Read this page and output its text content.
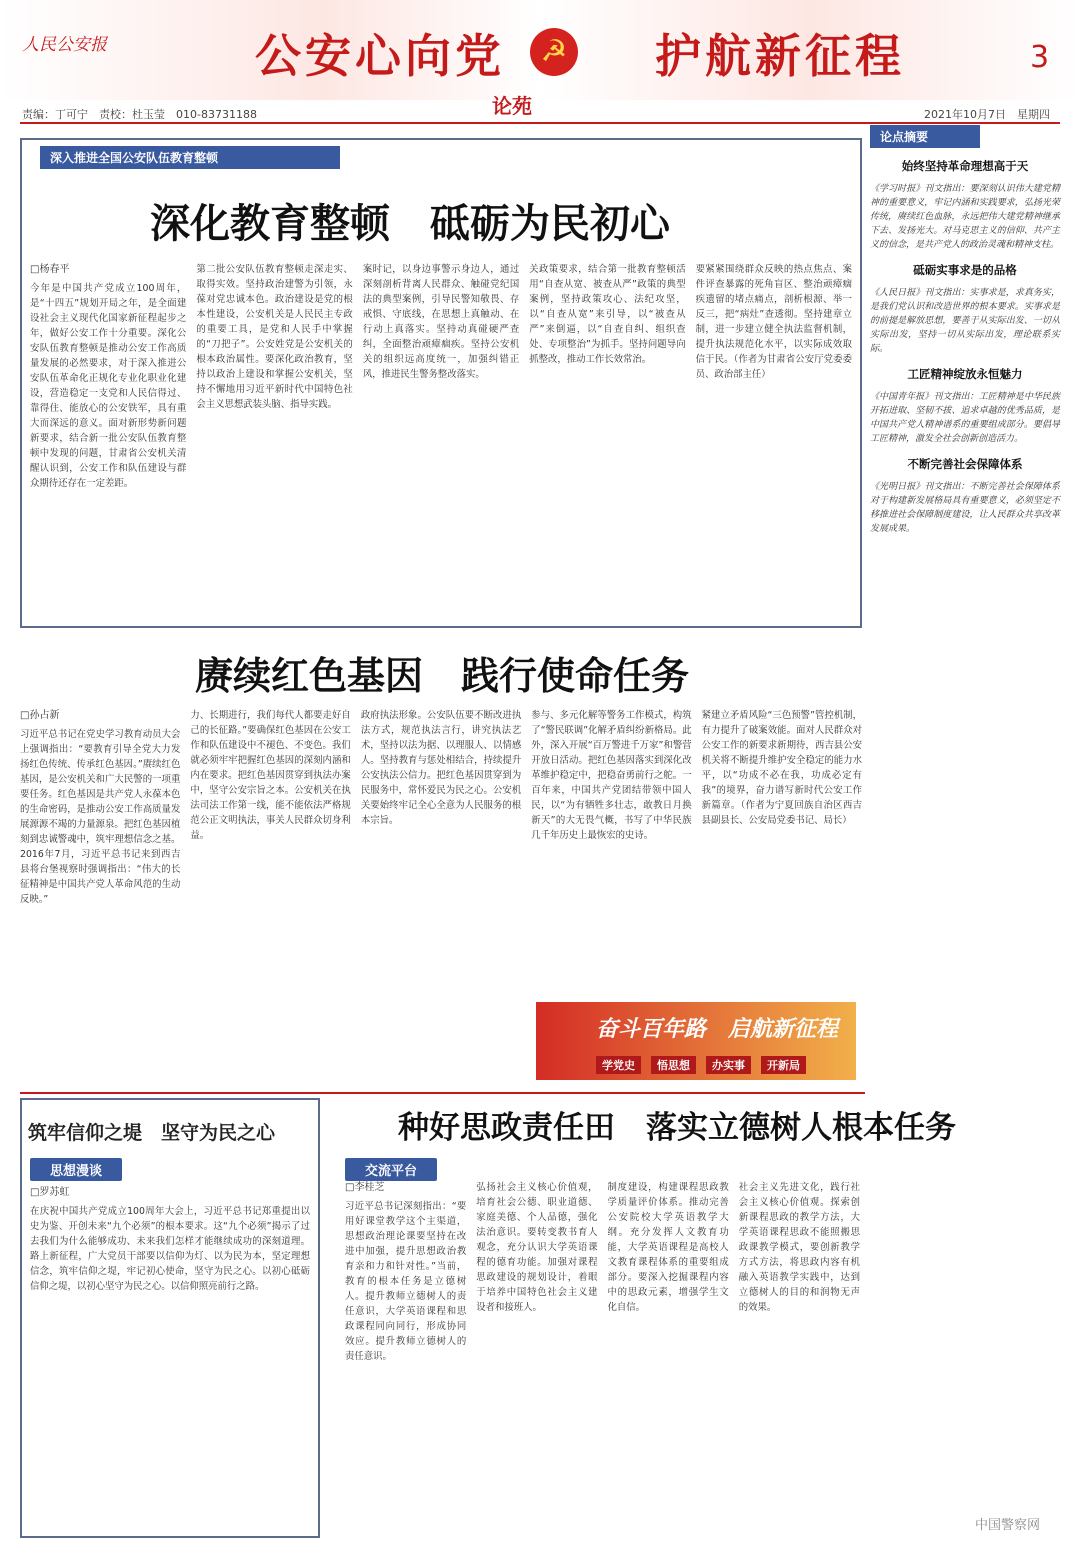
人民公安报	公安心向党　　　	护航新征程
☭	3
论苑
责编：丁可宁　责校：杜玉莹　010-83731188	2021年10月7日　星期四
深入推进全国公安队伍教育整顿
深化教育整顿　砥砺为民初心
□杨春平
今年是中国共产党成立100周年，是“十四五”规划开局之年，是全面建设社会主义现代化国家新征程起步之年，做好公安工作十分重要。深化公安队伍教育整顿是推动公安工作高质量发展的必然要求，对于深入推进公安队伍革命化正规化专业化职业化建设，营造稳定一支党和人民信得过、靠得住、能放心的公安铁军，具有重大而深远的意义。面对新形势新问题新要求，结合新一批公安队伍教育整顿中发现的问题，甘肃省公安机关清醒认识到，公安工作和队伍建设与群众期待还存在一定差距。
第二批公安队伍教育整顿走深走实、取得实效。坚持政治建警为引领，永葆对党忠诚本色。政治建设是党的根本性建设，公安机关是人民民主专政的重要工具，是党和人民手中掌握的“刀把子”。公安姓党是公安机关的根本政治属性。要深化政治教育，坚持以政治上建设和掌握公安机关，坚持不懈地用习近平新时代中国特色社会主义思想武装头脑、指导实践。
案时记，以身边事警示身边人，通过深刻剖析背离人民群众、触碰党纪国法的典型案例，引导民警知敬畏、存戒惧、守底线，在思想上真触动、在行动上真落实。坚持动真碰硬严查纠，全面整治顽瘴痼疾。坚持公安机关的组织远高度统一，加强纠错正风，推进民生警务整改落实。
关政策要求，结合第一批教育整顿活用“自查从宽、被查从严”政策的典型案例，坚持政策攻心、法纪攻坚，以“自查从宽”来引导，以“被查从严”来倒逼，以“自查自纠、组织查处、专项整治”为抓手。坚持问题导向抓整改，推动工作长效常治。
要紧紧围绕群众反映的热点焦点、案件评查暴露的死角盲区、整治顽瘴痼疾遗留的堵点痛点，剖析根源、举一反三，把“病灶”查透彻。坚持建章立制，进一步建立健全执法监督机制，提升执法规范化水平，以实际成效取信于民。（作者为甘肃省公安厅党委委员、政治部主任）
赓续红色基因　践行使命任务
□孙占新
习近平总书记在党史学习教育动员大会上强调指出：“要教育引导全党大力发扬红色传统、传承红色基因。”赓续红色基因，是公安机关和广大民警的一项重要任务。红色基因是共产党人永葆本色的生命密码，是推动公安工作高质量发展源源不竭的力量源泉。把红色基因植刻到忠诚警魂中，筑牢理想信念之基。2016年7月，习近平总书记来到西吉县将台堡视察时强调指出：“伟大的长征精神是中国共产党人革命风范的生动反映。”
力、长期进行，我们每代人都要走好自己的长征路。”要确保红色基因在公安工作和队伍建设中不褪色、不变色。我们就必须牢牢把握红色基因的深刻内涵和内在要求。把红色基因贯穿到执法办案中，坚守公安宗旨之本。公安机关在执法司法工作第一线，能不能依法严格规范公正文明执法，事关人民群众切身利益。
政府执法形象。公安队伍要不断改进执法方式，规范执法言行，讲究执法艺术，坚持以法为据、以理服人、以情感人。坚持教育与惩处相结合，持续提升公安执法公信力。把红色基因贯穿到为民服务中，常怀爱民为民之心。公安机关要始终牢记全心全意为人民服务的根本宗旨。
参与、多元化解等警务工作模式，构筑了“警民联调”化解矛盾纠纷新格局。此外，深入开展“百万警进千万家”和警营开放日活动。把红色基因落实到深化改革维护稳定中，把稳奋勇前行之舵。一百年来，中国共产党团结带领中国人民，以“为有牺牲多壮志，敢教日月换新天”的大无畏气概，书写了中华民族几千年历史上最恢宏的史诗。
紧建立矛盾风险“三色预警”管控机制，有力提升了破案效能。面对人民群众对公安工作的新要求新期待，西吉县公安机关将不断提升维护安全稳定的能力水平，以“功成不必在我，功成必定有我”的境界，奋力谱写新时代公安工作新篇章。（作者为宁夏回族自治区西吉县副县长、公安局党委书记、局长）
奋斗百年路　启航新征程
学党史	悟思想	办实事	开新局
筑牢信仰之堤　 坚守为民之心
思想漫谈
□罗苏虹
在庆祝中国共产党成立100周年大会上，习近平总书记郑重提出以史为鉴、开创未来“九个必须”的根本要求。这“九个必须”揭示了过去我们为什么能够成功、未来我们怎样才能继续成功的深刻道理。路上新征程，广大党员干部要以信仰为灯、以为民为本，坚定理想信念，筑牢信仰之堤，牢记初心使命，坚守为民之心。以初心砥砺信仰之堤，以初心坚守为民之心。以信仰照亮前行之路。
种好思政责任田　落实立德树人根本任务
交流平台
□李桂芝
习近平总书记深刻指出：“要用好课堂教学这个主渠道，思想政治理论课要坚持在改进中加强，提升思想政治教育亲和力和针对性。”当前，教育的根本任务是立德树人。提升教师立德树人的责任意识，大学英语课程和思政课程同向同行，形成协同效应。提升教师立德树人的责任意识。
弘扬社会主义核心价值观，培育社会公德、职业道德、家庭美德、个人品德，强化法治意识。要转变教书育人观念，充分认识大学英语课程的德育功能。加强对课程思政建设的规划设计，着眼于培养中国特色社会主义建设者和接班人。
制度建设，构建课程思政教学质量评价体系。推动完善公安院校大学英语教学大纲。充分发挥人文教育功能，大学英语课程是高校人文教育课程体系的重要组成部分。要深入挖掘课程内容中的思政元素，增强学生文化自信。
社会主义先进文化，践行社会主义核心价值观。探索创新课程思政的教学方法，大学英语课程思政不能照搬思政课教学模式，要创新教学方式方法，将思政内容有机融入英语教学实践中，达到立德树人的目的和润物无声的效果。
论点摘要
始终坚持革命理想高于天

《学习时报》刊文指出：要深刻认识伟大建党精神的重要意义，牢记内涵和实践要求，弘扬光荣传统，赓续红色血脉，永远把伟大建党精神继承下去、发扬光大。对马克思主义的信仰、共产主义的信念，是共产党人的政治灵魂和精神支柱。

砥砺实事求是的品格

《人民日报》刊文指出：实事求是，求真务实，是我们党认识和改造世界的根本要求。实事求是的前提是解放思想，要善于从实际出发、一切从实际出发，坚持一切从实际出发，理论联系实际。

工匠精神绽放永恒魅力

《中国青年报》刊文指出：工匠精神是中华民族开拓进取、坚韧不拔、追求卓越的优秀品质，是中国共产党人精神谱系的重要组成部分。要倡导工匠精神，激发全社会创新创造活力。

不断完善社会保障体系

《光明日报》刊文指出：不断完善社会保障体系对于构建新发展格局具有重要意义，必须坚定不移推进社会保障制度建设，让人民群众共享改革发展成果。

中国警察网
